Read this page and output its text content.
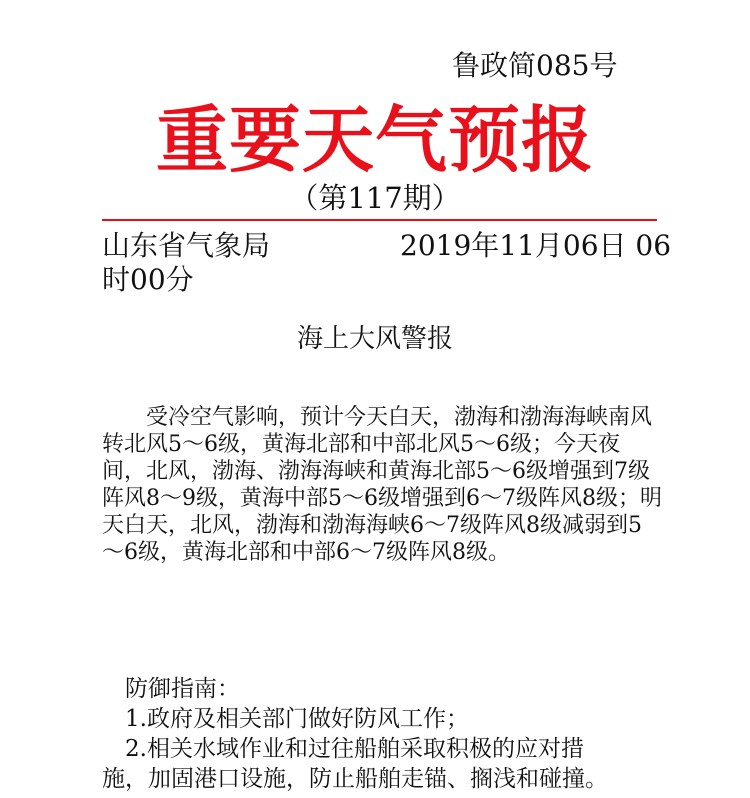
鲁政简085号
重要天气预报
（第117期）
山东省气象局	2019年11月06日 06
时00分
海上大风警报
　　受冷空气影响，预计今天白天，渤海和渤海海峡南风
转北风5～6级，黄海北部和中部北风5～6级；今天夜
间，北风，渤海、渤海海峡和黄海北部5～6级增强到7级
阵风8～9级，黄海中部5～6级增强到6～7级阵风8级；明
天白天，北风，渤海和渤海海峡6～7级阵风8级减弱到5
～6级，黄海北部和中部6～7级阵风8级。
　防御指南：
　1.政府及相关部门做好防风工作；
　2.相关水域作业和过往船舶采取积极的应对措
施，加固港口设施，防止船舶走锚、搁浅和碰撞。
